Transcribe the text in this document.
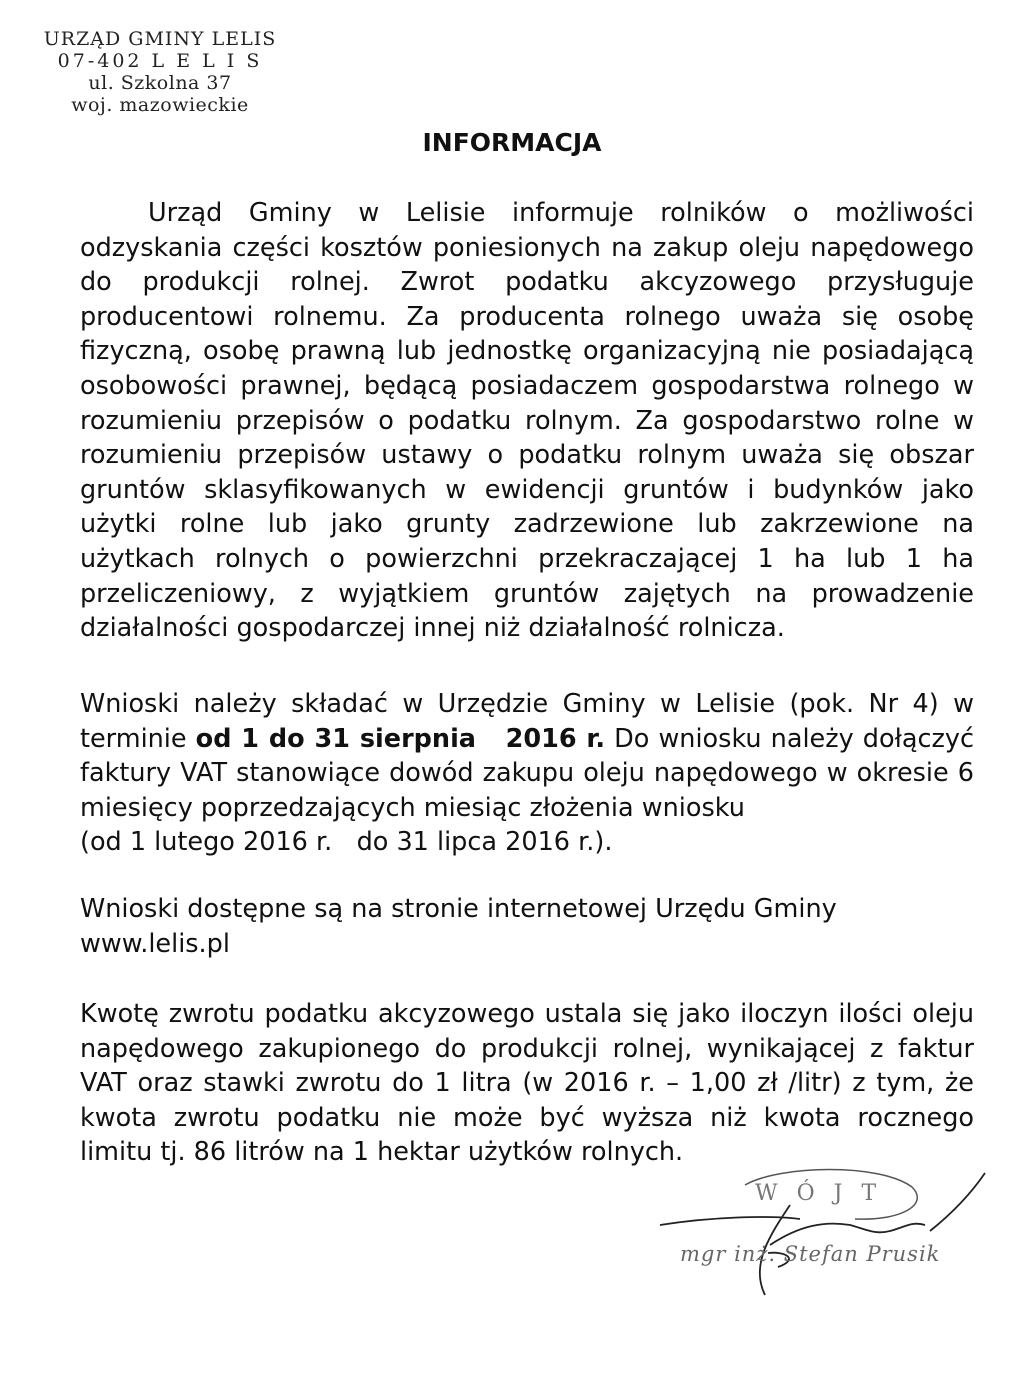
URZĄD GMINY LELIS
07-402 L E L I S
ul. Szkolna 37
woj. mazowieckie
INFORMACJA
Urząd Gminy w Lelisie informuje rolników o możliwości odzyskania części kosztów poniesionych na zakup oleju napędowego do produkcji rolnej. Zwrot podatku akcyzowego przysługuje producentowi rolnemu. Za producenta rolnego uważa się osobę fizyczną, osobę prawną lub jednostkę organizacyjną nie posiadającą osobowości prawnej, będącą posiadaczem gospodarstwa rolnego w rozumieniu przepisów o podatku rolnym. Za gospodarstwo rolne w rozumieniu przepisów ustawy o podatku rolnym uważa się obszar gruntów sklasyfikowanych w ewidencji gruntów i budynków jako użytki rolne lub jako grunty zadrzewione lub zakrzewione na użytkach rolnych o powierzchni przekraczającej 1 ha lub 1 ha przeliczeniowy, z wyjątkiem gruntów zajętych na prowadzenie działalności gospodarczej innej niż działalność rolnicza.
Wnioski należy składać w Urzędzie Gminy w Lelisie (pok. Nr 4) w terminie od 1 do 31 sierpnia   2016 r. Do wniosku należy dołączyć faktury VAT stanowiące dowód zakupu oleju napędowego w okresie 6 miesięcy poprzedzających miesiąc złożenia wniosku
(od 1 lutego 2016 r.   do 31 lipca 2016 r.).
Wnioski dostępne są na stronie internetowej Urzędu Gminy
www.lelis.pl
Kwotę zwrotu podatku akcyzowego ustala się jako iloczyn ilości oleju napędowego zakupionego do produkcji rolnej, wynikającej z faktur VAT oraz stawki zwrotu do 1 litra (w 2016 r. – 1,00 zł /litr) z tym, że kwota zwrotu podatku nie może być wyższa niż kwota rocznego limitu tj. 86 litrów na 1 hektar użytków rolnych.
W Ó J T
mgr inż. Stefan Prusik
